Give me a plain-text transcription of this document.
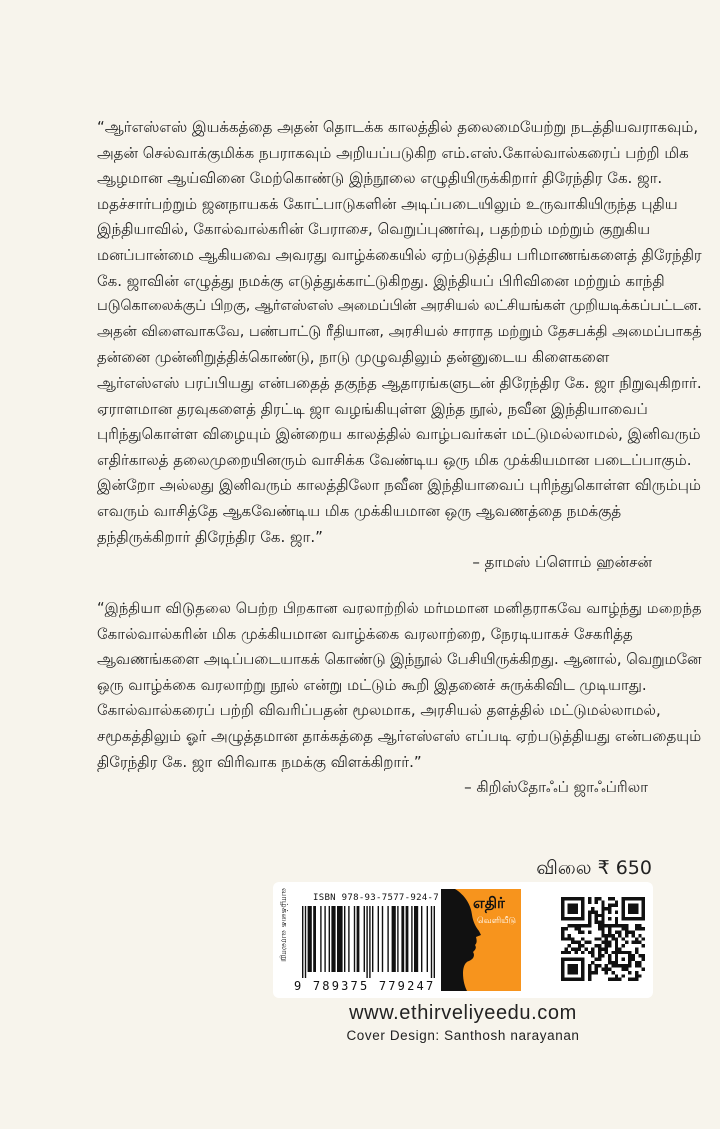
“ஆர்எஸ்எஸ் இயக்கத்தை அதன் தொடக்க காலத்தில் தலைமையேற்று நடத்தியவராகவும்,
அதன் செல்வாக்குமிக்க நபராகவும் அறியப்படுகிற எம்.எஸ்.கோல்வால்கரைப் பற்றி மிக
ஆழமான ஆய்வினை மேற்கொண்டு இந்நூலை எழுதியிருக்கிறார் திரேந்திர கே. ஜா.
மதச்சார்பற்றும் ஜனநாயகக் கோட்பாடுகளின் அடிப்படையிலும் உருவாகியிருந்த புதிய
இந்தியாவில், கோல்வால்கரின் பேராசை, வெறுப்புணர்வு, பதற்றம் மற்றும் குறுகிய
மனப்பான்மை ஆகியவை அவரது வாழ்க்கையில் ஏற்படுத்திய பரிமாணங்களைத் திரேந்திர
கே. ஜாவின் எழுத்து நமக்கு எடுத்துக்காட்டுகிறது. இந்தியப் பிரிவினை மற்றும் காந்தி
படுகொலைக்குப் பிறகு, ஆர்எஸ்எஸ் அமைப்பின் அரசியல் லட்சியங்கள் முறியடிக்கப்பட்டன.
அதன் விளைவாகவே, பண்பாட்டு ரீதியான, அரசியல் சாராத மற்றும் தேசபக்தி அமைப்பாகத்
தன்னை முன்னிறுத்திக்கொண்டு, நாடு முழுவதிலும் தன்னுடைய கிளைகளை
ஆர்எஸ்எஸ் பரப்பியது என்பதைத் தகுந்த ஆதாரங்களுடன் திரேந்திர கே. ஜா நிறுவுகிறார்.
ஏராளமான தரவுகளைத் திரட்டி ஜா வழங்கியுள்ள இந்த நூல், நவீன இந்தியாவைப்
புரிந்துகொள்ள விழையும் இன்றைய காலத்தில் வாழ்பவர்கள் மட்டுமல்லாமல், இனிவரும்
எதிர்காலத் தலைமுறையினரும் வாசிக்க வேண்டிய ஒரு மிக முக்கியமான படைப்பாகும்.
இன்றோ அல்லது இனிவரும் காலத்திலோ நவீன இந்தியாவைப் புரிந்துகொள்ள விரும்பும்
எவரும் வாசித்தே ஆகவேண்டிய மிக முக்கியமான ஒரு ஆவணத்தை நமக்குத்
தந்திருக்கிறார் திரேந்திர கே. ஜா.”
– தாமஸ் ப்ளொம் ஹன்சன்
“இந்தியா விடுதலை பெற்ற பிறகான வரலாற்றில் மர்மமான மனிதராகவே வாழ்ந்து மறைந்த
கோல்வால்கரின் மிக முக்கியமான வாழ்க்கை வரலாற்றை, நேரடியாகச் சேகரித்த
ஆவணங்களை அடிப்படையாகக் கொண்டு இந்நூல் பேசியிருக்கிறது. ஆனால், வெறுமனே
ஒரு வாழ்க்கை வரலாற்று நூல் என்று மட்டும் கூறி இதனைச் சுருக்கிவிட முடியாது.
கோல்வால்கரைப் பற்றி விவரிப்பதன் மூலமாக, அரசியல் தளத்தில் மட்டுமல்லாமல்,
சமூகத்திலும் ஓர் அழுத்தமான தாக்கத்தை ஆர்எஸ்எஸ் எப்படி ஏற்படுத்தியது என்பதையும்
திரேந்திர கே. ஜா விரிவாக நமக்கு விளக்கிறார்.”
– கிறிஸ்தோஃப் ஜாஃப்ரிலா
விலை ₹ 650
வாழ்க்கை வரலாறு	ISBN 978-93-7577-924-7
9 789375 779247
எதிர்
வெளியீடு
www.ethirveliyeedu.com
Cover Design: Santhosh narayanan
